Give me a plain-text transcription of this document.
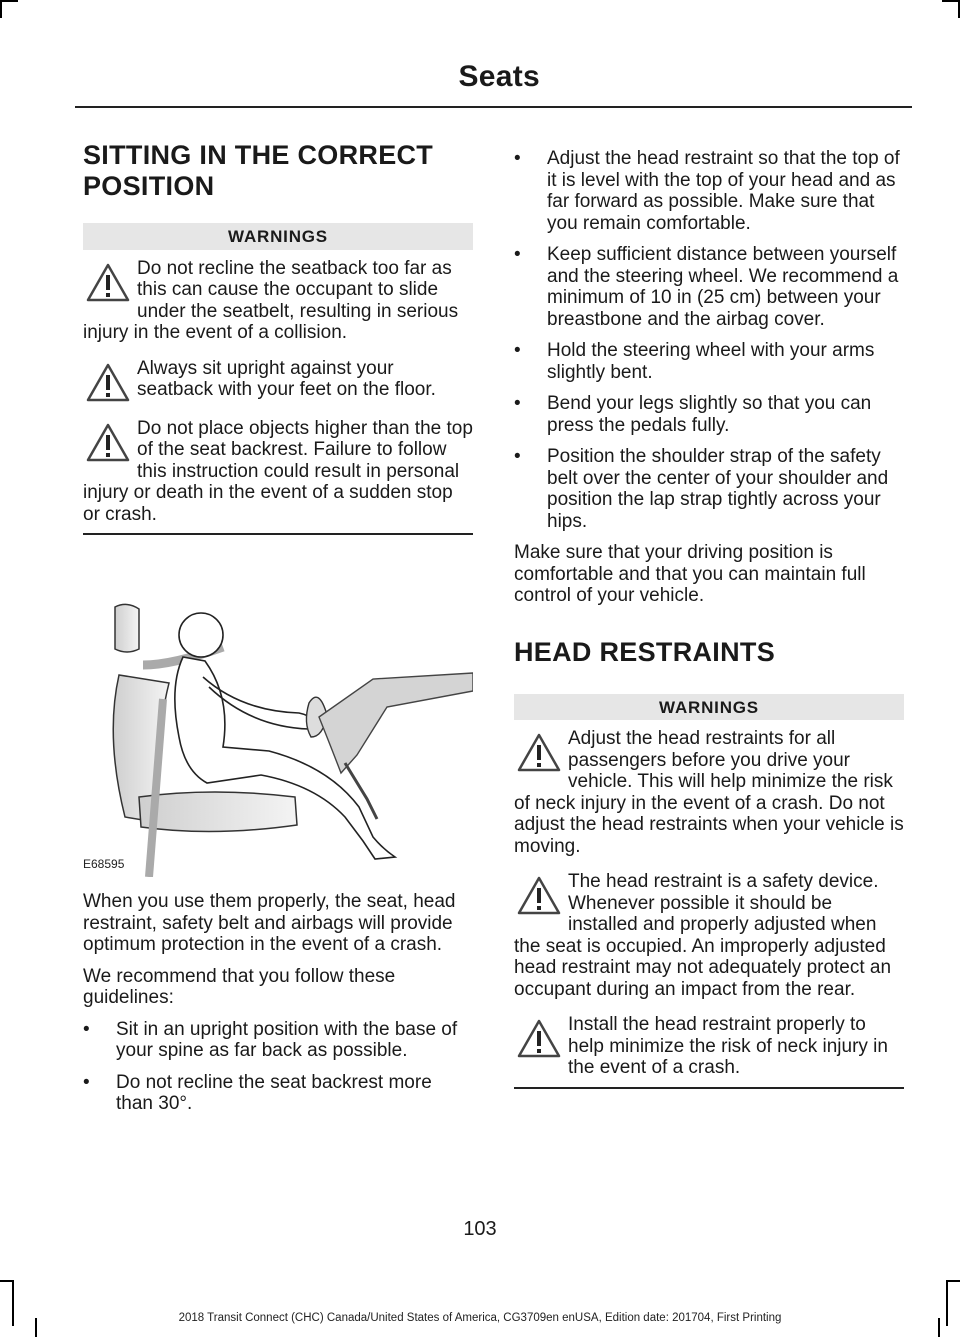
Seats
SITTING IN THE CORRECT POSITION
WARNINGS

Do not recline the seatback too far as this can cause the occupant to slide under the seatbelt, resulting in serious injury in the event of a collision.

Always sit upright against your seatback with your feet on the floor.

Do not place objects higher than the top of the seat backrest. Failure to follow this instruction could result in personal injury or death in the event of a sudden stop or crash.

E68595

When you use them properly, the seat, head restraint, safety belt and airbags will provide optimum protection in the event of a crash.

We recommend that you follow these guidelines:

• Sit in an upright position with the base of your spine as far back as possible.
• Do not recline the seat backrest more than 30°.
• Adjust the head restraint so that the top of it is level with the top of your head and as far forward as possible. Make sure that you remain comfortable.
• Keep sufficient distance between yourself and the steering wheel. We recommend a minimum of 10 in (25 cm) between your breastbone and the airbag cover.
• Hold the steering wheel with your arms slightly bent.
• Bend your legs slightly so that you can press the pedals fully.
• Position the shoulder strap of the safety belt over the center of your shoulder and position the lap strap tightly across your hips.

Make sure that your driving position is comfortable and that you can maintain full control of your vehicle.

HEAD RESTRAINTS
WARNINGS

Adjust the head restraints for all passengers before you drive your vehicle. This will help minimize the risk of neck injury in the event of a crash. Do not adjust the head restraints when your vehicle is moving.

The head restraint is a safety device. Whenever possible it should be installed and properly adjusted when the seat is occupied. An improperly adjusted head restraint may not adequately protect an occupant during an impact from the rear.

Install the head restraint properly to help minimize the risk of neck injury in the event of a crash.

103
2018 Transit Connect (CHC) Canada/United States of America, CG3709en enUSA, Edition date: 201704, First Printing
